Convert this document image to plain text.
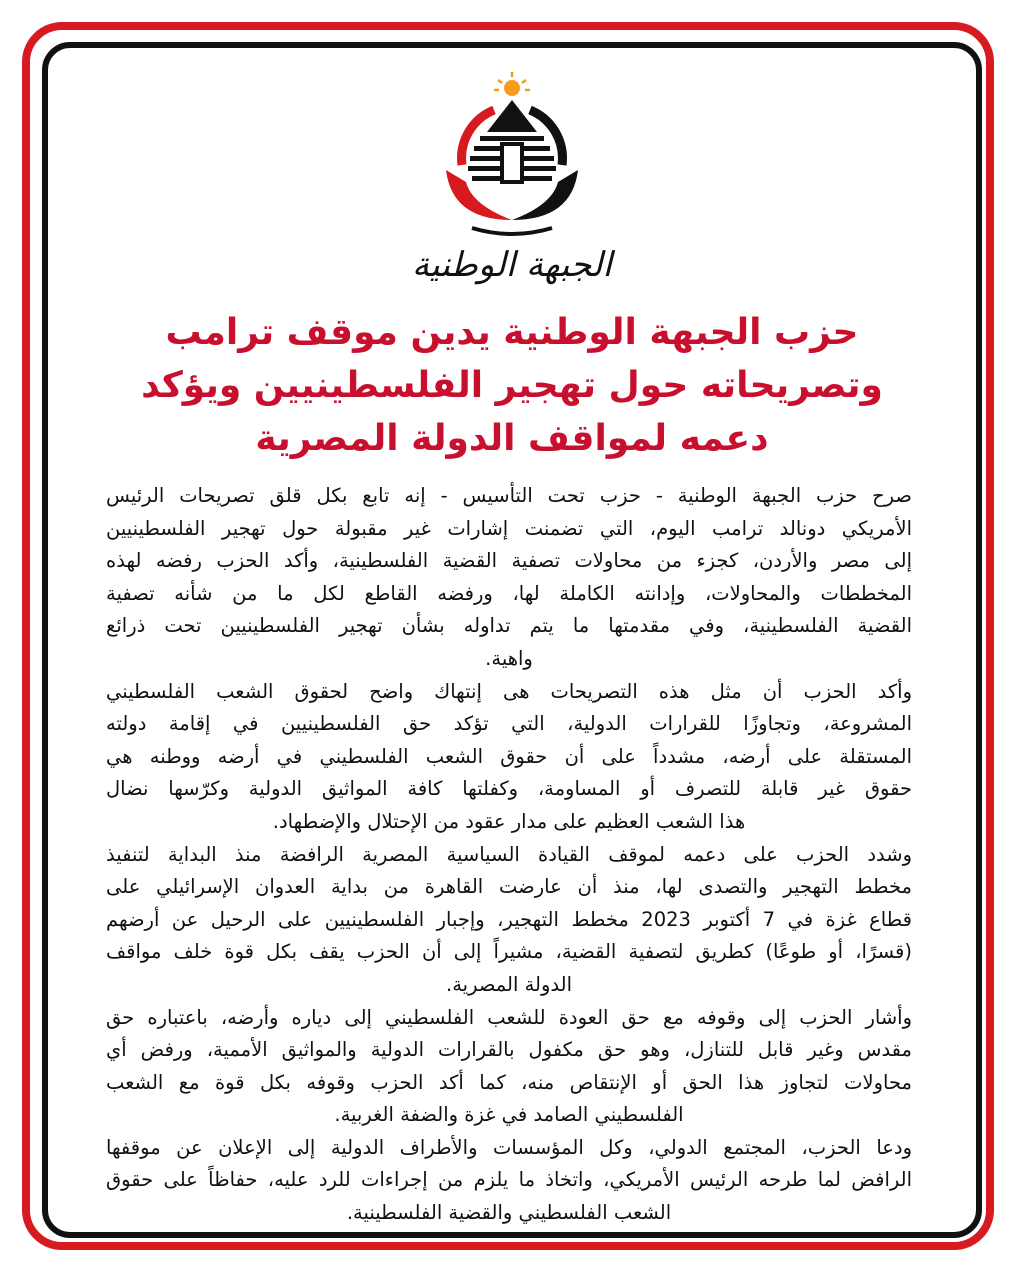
الجبهة الوطنية
حزب الجبهة الوطنية يدين موقف ترامب
وتصريحاته حول تهجير الفلسطينيين ويؤكد
دعمه لمواقف الدولة المصرية
صرح حزب الجبهة الوطنية - حزب تحت التأسيس - إنه تابع بكل قلق تصريحات الرئيس
الأمريكي دونالد ترامب اليوم، التي تضمنت إشارات غير مقبولة حول تهجير الفلسطينيين
إلى مصر والأردن، كجزء من محاولات تصفية القضية الفلسطينية، وأكد الحزب رفضه لهذه
المخططات والمحاولات، وإدانته الكاملة لها، ورفضه القاطع لكل ما من شأنه تصفية
القضية الفلسطينية، وفي مقدمتها ما يتم تداوله بشأن تهجير الفلسطينيين تحت ذرائع
واهية.
وأكد الحزب أن مثل هذه التصريحات هى إنتهاك واضح لحقوق الشعب الفلسطيني
المشروعة، وتجاوزًا للقرارات الدولية، التي تؤكد حق الفلسطينيين في إقامة دولته
المستقلة على أرضه، مشدداً على أن حقوق الشعب الفلسطيني في أرضه ووطنه هي
حقوق غير قابلة للتصرف أو المساومة، وكفلتها كافة المواثيق الدولية وكرّسها نضال
هذا الشعب العظيم على مدار عقود من الإحتلال والإضطهاد.
وشدد الحزب على دعمه لموقف القيادة السياسية المصرية الرافضة منذ البداية لتنفيذ
مخطط التهجير والتصدى لها، منذ أن عارضت القاهرة من بداية العدوان الإسرائيلي على
قطاع غزة في 7 أكتوبر 2023 مخطط التهجير، وإجبار الفلسطينيين على الرحيل عن أرضهم
(قسرًا، أو طوعًا) كطريق لتصفية القضية، مشيراً إلى أن الحزب يقف بكل قوة خلف مواقف
الدولة المصرية.
وأشار الحزب إلى وقوفه مع حق العودة للشعب الفلسطيني إلى دياره وأرضه، باعتباره حق
مقدس وغير قابل للتنازل، وهو حق مكفول بالقرارات الدولية والمواثيق الأممية، ورفض أي
محاولات لتجاوز هذا الحق أو الإنتقاص منه، كما أكد الحزب وقوفه بكل قوة مع الشعب
الفلسطيني الصامد في غزة والضفة الغربية.
ودعا الحزب، المجتمع الدولي، وكل المؤسسات والأطراف الدولية إلى الإعلان عن موقفها
الرافض لما طرحه الرئيس الأمريكي، واتخاذ ما يلزم من إجراءات للرد عليه، حفاظاً على حقوق
الشعب الفلسطيني والقضية الفلسطينية.
